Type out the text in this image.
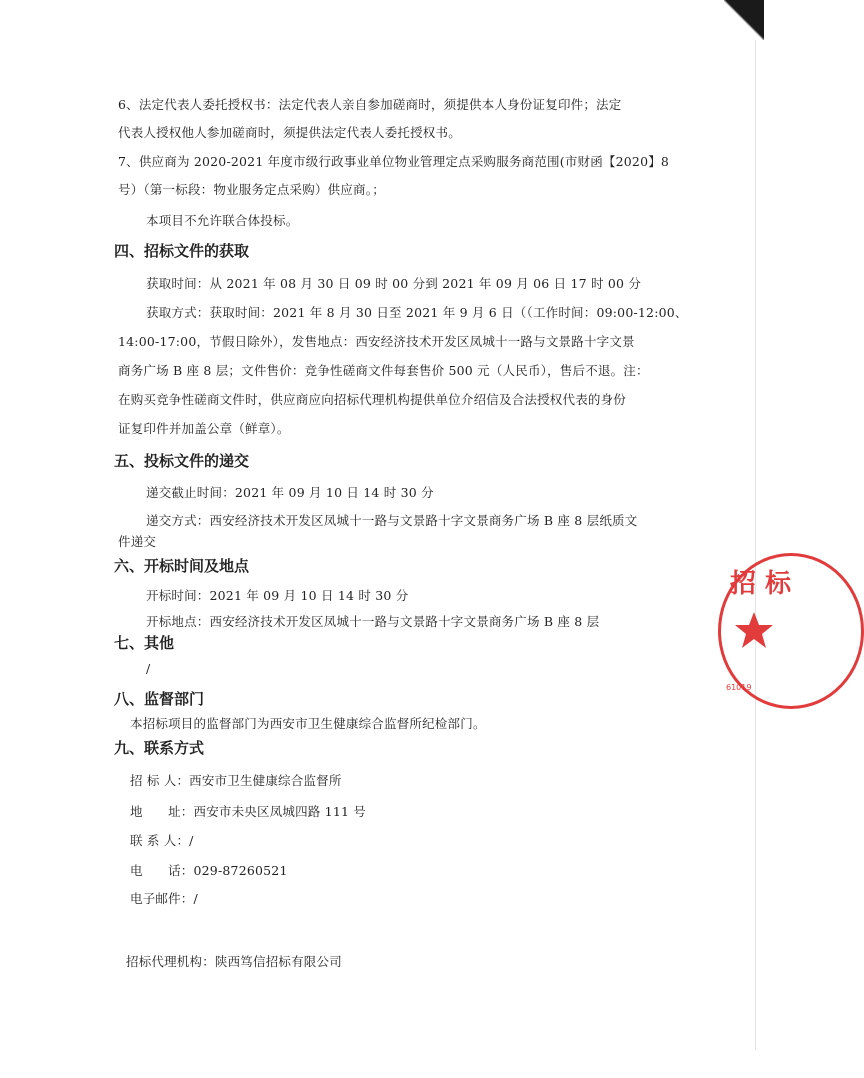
6、法定代表人委托授权书：法定代表人亲自参加磋商时，须提供本人身份证复印件；法定
代表人授权他人参加磋商时，须提供法定代表人委托授权书。
7、供应商为 2020-2021 年度市级行政事业单位物业管理定点采购服务商范围(市财函【2020】8
号）（第一标段：物业服务定点采购）供应商。；
本项目不允许联合体投标。
四、招标文件的获取
获取时间：从 2021 年 08 月 30 日 09 时 00 分到 2021 年 09 月 06 日 17 时 00 分
获取方式：获取时间：2021 年 8 月 30 日至 2021 年 9 月 6 日（（工作时间：09:00-12:00、
14:00-17:00，节假日除外），发售地点：西安经济技术开发区凤城十一路与文景路十字文景
商务广场 B 座 8 层；文件售价：竞争性磋商文件每套售价 500 元（人民币），售后不退。注：
在购买竞争性磋商文件时，供应商应向招标代理机构提供单位介绍信及合法授权代表的身份
证复印件并加盖公章（鲜章）。
五、投标文件的递交
递交截止时间：2021 年 09 月 10 日 14 时 30 分
递交方式：西安经济技术开发区凤城十一路与文景路十字文景商务广场 B 座 8 层纸质文
件递交
六、开标时间及地点
开标时间：2021 年 09 月 10 日 14 时 30 分
开标地点：西安经济技术开发区凤城十一路与文景路十字文景商务广场 B 座 8 层
七、其他
/
八、监督部门
本招标项目的监督部门为西安市卫生健康综合监督所纪检部门。
九、联系方式
招 标 人：西安市卫生健康综合监督所
地　　址：西安市未央区凤城四路 111 号
联 系 人：/
电　　话：029-87260521
电子邮件：/
招标代理机构：陕西笃信招标有限公司
招 标
61019
